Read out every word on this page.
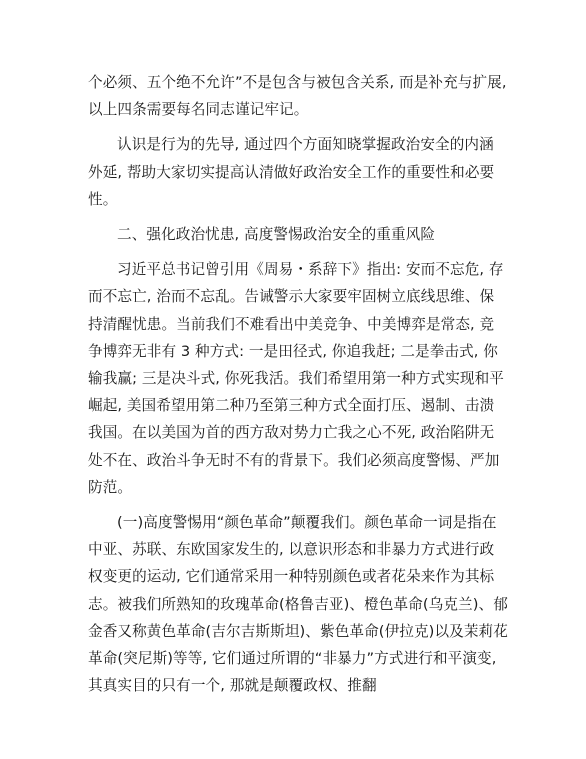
个必须、五个绝不允许”不是包含与被包含关系, 而是补充与扩展, 以上四条需要每名同志谨记牢记。

认识是行为的先导, 通过四个方面知晓掌握政治安全的内涵外延, 帮助大家切实提高认清做好政治安全工作的重要性和必要性。

二、强化政治忧患, 高度警惕政治安全的重重风险

习近平总书记曾引用《周易・系辞下》指出: 安而不忘危, 存而不忘亡, 治而不忘乱。告诫警示大家要牢固树立底线思维、保持清醒忧患。当前我们不难看出中美竞争、中美博弈是常态, 竞争博弈无非有 3 种方式: 一是田径式, 你追我赶; 二是拳击式, 你输我赢; 三是决斗式, 你死我活。我们希望用第一种方式实现和平崛起, 美国希望用第二种乃至第三种方式全面打压、遏制、击溃我国。在以美国为首的西方敌对势力亡我之心不死, 政治陷阱无处不在、政治斗争无时不有的背景下。我们必须高度警惕、严加防范。

(一)高度警惕用“颜色革命”颠覆我们。颜色革命一词是指在中亚、苏联、东欧国家发生的, 以意识形态和非暴力方式进行政权变更的运动, 它们通常采用一种特别颜色或者花朵来作为其标志。被我们所熟知的玫瑰革命(格鲁吉亚)、橙色革命(乌克兰)、郁金香又称黄色革命(吉尔吉斯斯坦)、紫色革命(伊拉克)以及茉莉花革命(突尼斯)等等, 它们通过所谓的“非暴力”方式进行和平演变, 其真实目的只有一个, 那就是颠覆政权、推翻
